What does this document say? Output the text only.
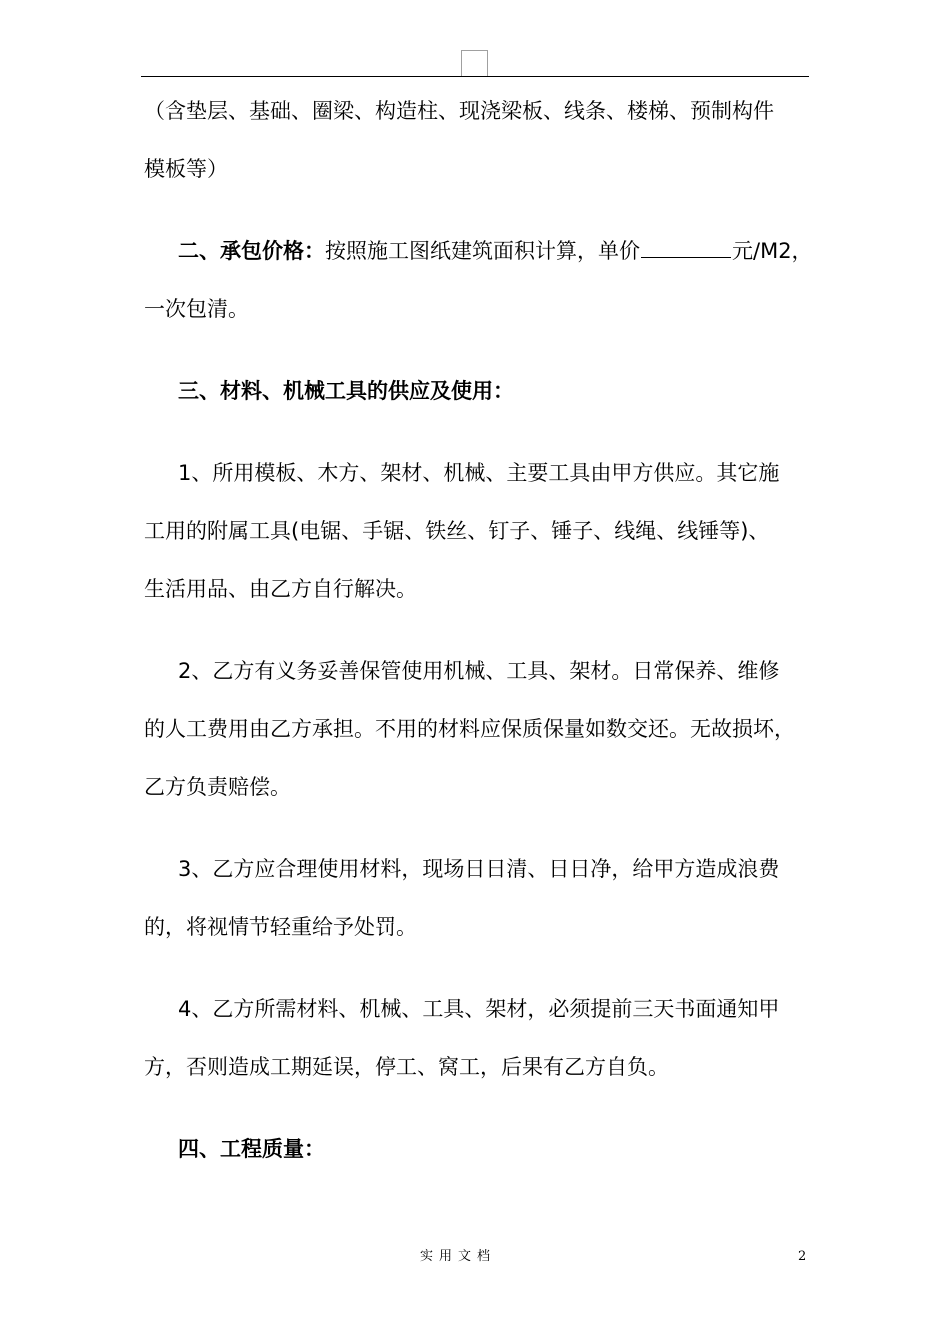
（含垫层、基础、圈梁、构造柱、现浇梁板、线条、楼梯、预制构件
模板等）
二、承包价格：按照施工图纸建筑面积计算，单价	元/M2，
一次包清。
三、材料、机械工具的供应及使用：
1、所用模板、木方、架材、机械、主要工具由甲方供应。其它施
工用的附属工具(电锯、手锯、铁丝、钉子、锤子、线绳、线锤等)、
生活用品、由乙方自行解决。
2、乙方有义务妥善保管使用机械、工具、架材。日常保养、维修
的人工费用由乙方承担。不用的材料应保质保量如数交还。无故损坏，
乙方负责赔偿。
3、乙方应合理使用材料，现场日日清、日日净，给甲方造成浪费
的，将视情节轻重给予处罚。
4、乙方所需材料、机械、工具、架材，必须提前三天书面通知甲
方，否则造成工期延误，停工、窝工，后果有乙方自负。
四、工程质量：
实用文档	2
